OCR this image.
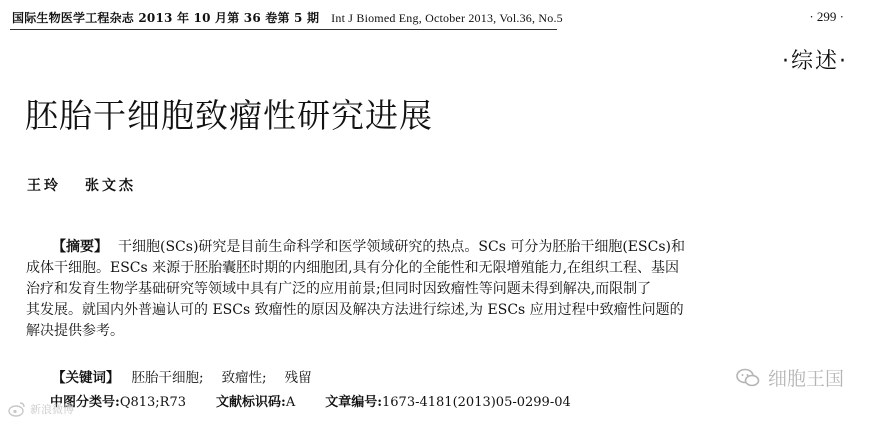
国际生物医学工程杂志 2013 年 10 月第 36 卷第 5 期 Int J Biomed Eng, October 2013, Vol.36, No.5	· 299 ·
·综述·
胚胎干细胞致瘤性研究进展
王玲 张文杰
【摘要】 干细胞(SCs)研究是目前生命科学和医学领域研究的热点。SCs 可分为胚胎干细胞(ESCs)和
成体干细胞。ESCs 来源于胚胎囊胚时期的内细胞团,具有分化的全能性和无限增殖能力,在组织工程、基因
治疗和发育生物学基础研究等领域中具有广泛的应用前景;但同时因致瘤性等问题未得到解决,而限制了
其发展。就国内外普遍认可的 ESCs 致瘤性的原因及解决方法进行综述,为 ESCs 应用过程中致瘤性问题的
解决提供参考。
【关键词】 胚胎干细胞; 致瘤性; 残留
中图分类号:Q813;R73 文献标识码:A 文章编号:1673-4181(2013)05-0299-04
细胞王国
新浪微博
